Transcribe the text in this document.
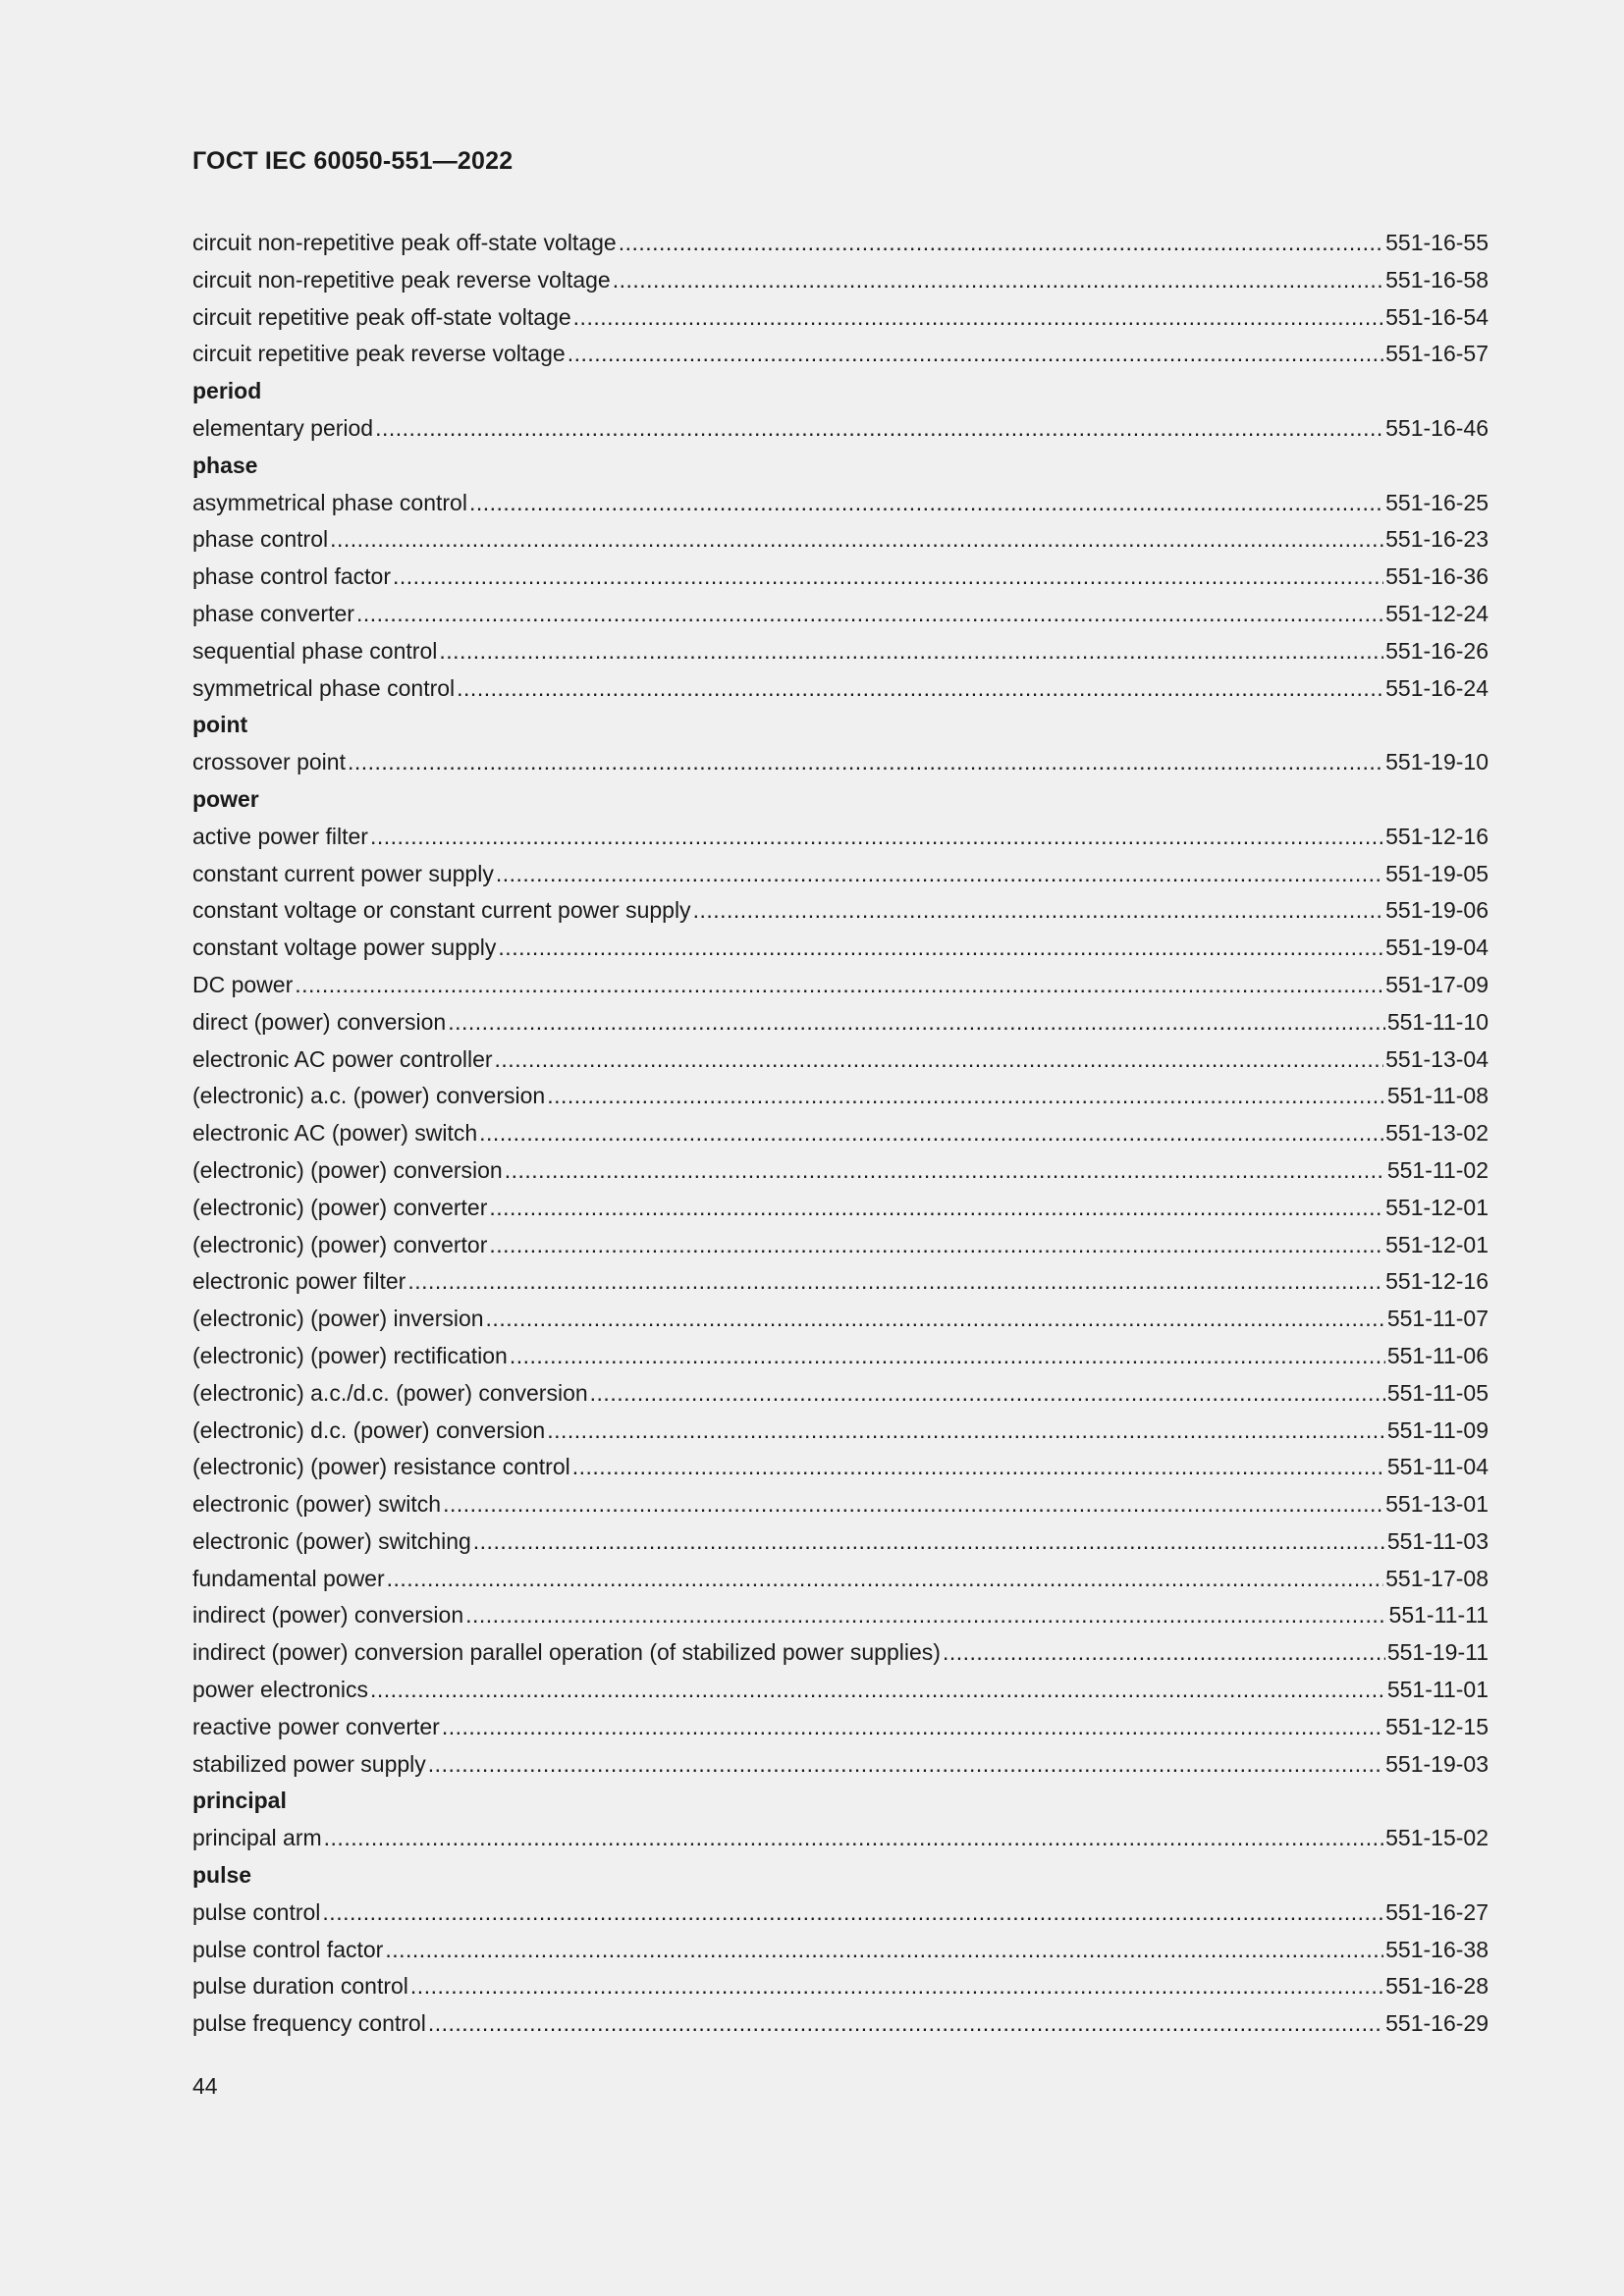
ГОСТ IEC 60050-551—2022
circuit non-repetitive peak off-state voltage .....	551-16-55
circuit non-repetitive peak reverse voltage .....	551-16-58
circuit repetitive peak off-state voltage .....	551-16-54
circuit repetitive peak reverse voltage .....	551-16-57
period
elementary period .....	551-16-46
phase
asymmetrical phase control .....	551-16-25
phase control .....	551-16-23
phase control factor .....	551-16-36
phase converter .....	551-12-24
sequential phase control .....	551-16-26
symmetrical phase control .....	551-16-24
point
crossover point .....	551-19-10
power
active power filter .....	551-12-16
constant current power supply .....	551-19-05
constant voltage or constant current power supply .....	551-19-06
constant voltage power supply .....	551-19-04
DC power .....	551-17-09
direct (power) conversion .....	551-11-10
electronic AC power controller .....	551-13-04
(electronic) a.c. (power) conversion .....	551-11-08
electronic AC (power) switch .....	551-13-02
(electronic) (power) conversion .....	551-11-02
(electronic) (power) converter .....	551-12-01
(electronic) (power) convertor .....	551-12-01
electronic power filter .....	551-12-16
(electronic) (power) inversion .....	551-11-07
(electronic) (power) rectification .....	551-11-06
(electronic) a.c./d.c. (power) conversion .....	551-11-05
(electronic) d.c. (power) conversion .....	551-11-09
(electronic) (power) resistance control .....	551-11-04
electronic (power) switch .....	551-13-01
electronic (power) switching .....	551-11-03
fundamental power .....	551-17-08
indirect (power) conversion .....	551-11-11
indirect (power) conversion parallel operation (of stabilized power supplies) .....	551-19-11
power electronics .....	551-11-01
reactive power converter .....	551-12-15
stabilized power supply .....	551-19-03
principal
principal arm .....	551-15-02
pulse
pulse control .....	551-16-27
pulse control factor .....	551-16-38
pulse duration control .....	551-16-28
pulse frequency control .....	551-16-29
44
